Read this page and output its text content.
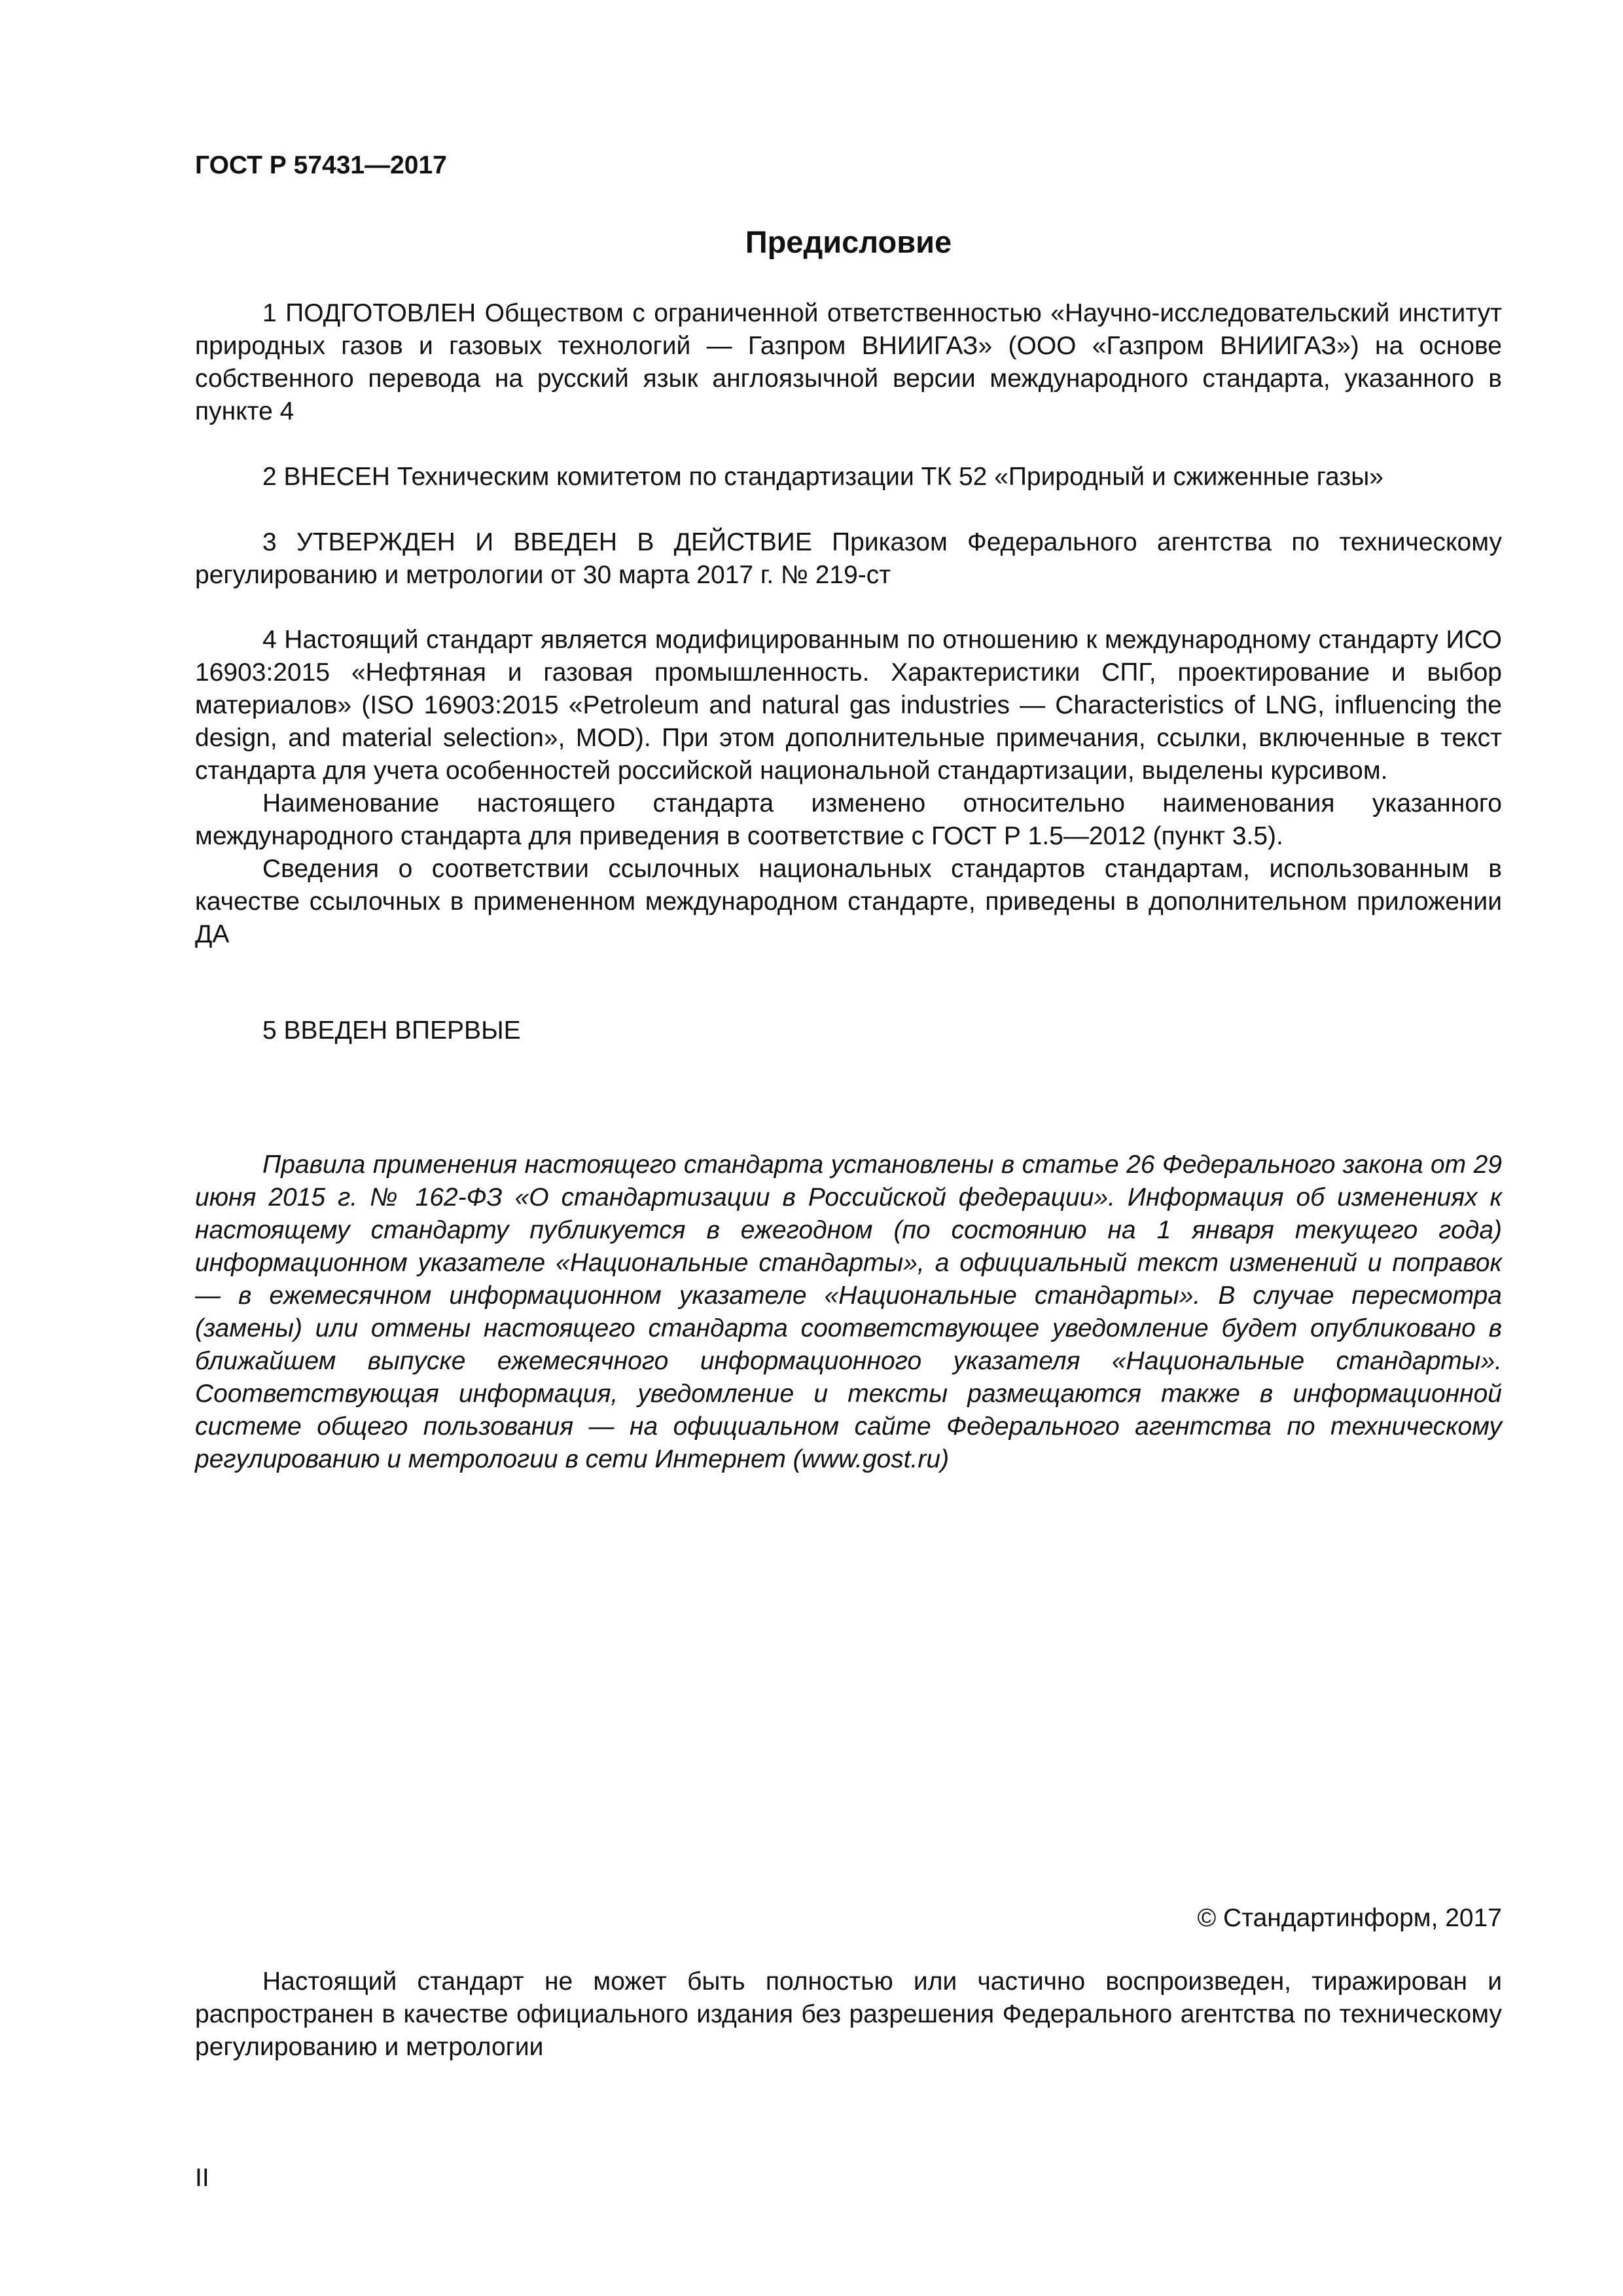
ГОСТ Р 57431—2017
Предисловие

1 ПОДГОТОВЛЕН Обществом с ограниченной ответственностью «Научно-исследовательский институт природных газов и газовых технологий — Газпром ВНИИГАЗ» (ООО «Газпром ВНИИГАЗ») на основе собственного перевода на русский язык англоязычной версии международного стандарта, указанного в пункте 4

2 ВНЕСЕН Техническим комитетом по стандартизации ТК 52 «Природный и сжиженные газы»

3 УТВЕРЖДЕН И ВВЕДЕН В ДЕЙСТВИЕ Приказом Федерального агентства по техническому регулированию и метрологии от 30 марта 2017 г. № 219-ст

4 Настоящий стандарт является модифицированным по отношению к международному стандарту ИСО 16903:2015 «Нефтяная и газовая промышленность. Характеристики СПГ, проектирование и выбор материалов» (ISO 16903:2015 «Petroleum and natural gas industries — Characteristics of LNG, influencing the design, and material selection», MOD). При этом дополнительные примечания, ссылки, включенные в текст стандарта для учета особенностей российской национальной стандартизации, выделены курсивом.

Наименование настоящего стандарта изменено относительно наименования указанного международного стандарта для приведения в соответствие с ГОСТ Р 1.5—2012 (пункт 3.5).

Сведения о соответствии ссылочных национальных стандартов стандартам, использованным в качестве ссылочных в примененном международном стандарте, приведены в дополнительном приложении ДА

5 ВВЕДЕН ВПЕРВЫЕ

Правила применения настоящего стандарта установлены в статье 26 Федерального закона от 29 июня 2015 г. № 162-ФЗ «О стандартизации в Российской федерации». Информация об изменениях к настоящему стандарту публикуется в ежегодном (по состоянию на 1 января текущего года) информационном указателе «Национальные стандарты», а официальный текст изменений и поправок — в ежемесячном информационном указателе «Национальные стандарты». В случае пересмотра (замены) или отмены настоящего стандарта соответствующее уведомление будет опубликовано в ближайшем выпуске ежемесячного информационного указателя «Национальные стандарты». Соответствующая информация, уведомление и тексты размещаются также в информационной системе общего пользования — на официальном сайте Федерального агентства по техническому регулированию и метрологии в сети Интернет (www.gost.ru)

© Стандартинформ, 2017

Настоящий стандарт не может быть полностью или частично воспроизведен, тиражирован и распространен в качестве официального издания без разрешения Федерального агентства по техническому регулированию и метрологии

II
